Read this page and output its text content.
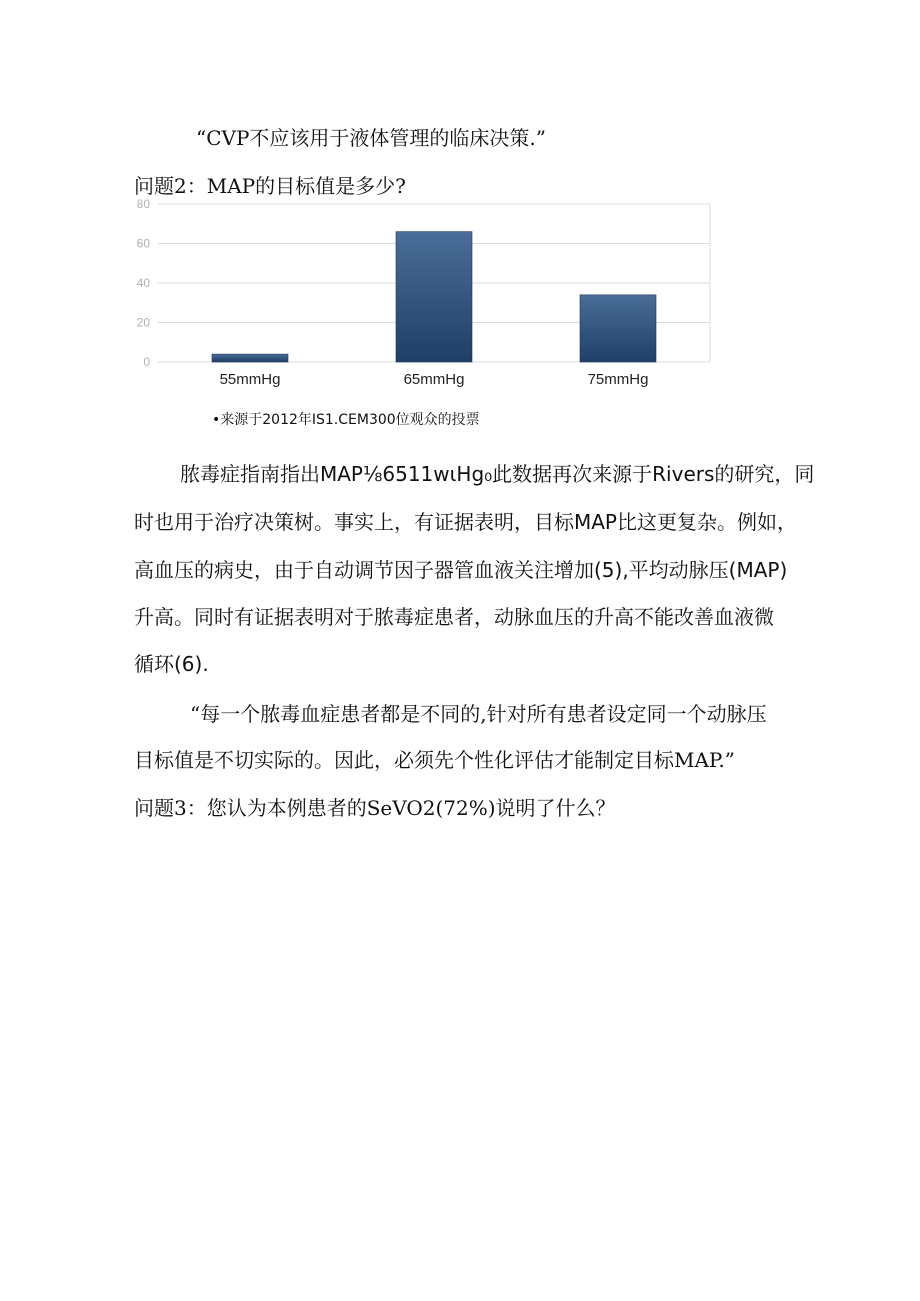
“CVP不应该用于液体管理的临床决策.”
问题2：MAP的目标值是多少?
0
20
40
60
80
55mmHg	65mmHg	75mmHg
•来源于2012年IS1.CEM300位观众的投票
脓毒症指南指出MAP⅛6511wιHg₀此数据再次来源于Rivers的研究，同
时也用于治疗决策树。事实上，有证据表明，目标MAP比这更复杂。例如，
高血压的病史，由于自动调节因子器管血液关注增加(5),平均动脉压(MAP)
升高。同时有证据表明对于脓毒症患者，动脉血压的升高不能改善血液微
循环(6).
“每一个脓毒血症患者都是不同的,针对所有患者设定同一个动脉压
目标值是不切实际的。因此，必须先个性化评估才能制定目标MAP.”
问题3：您认为本例患者的SeVO2(72%)说明了什么？
